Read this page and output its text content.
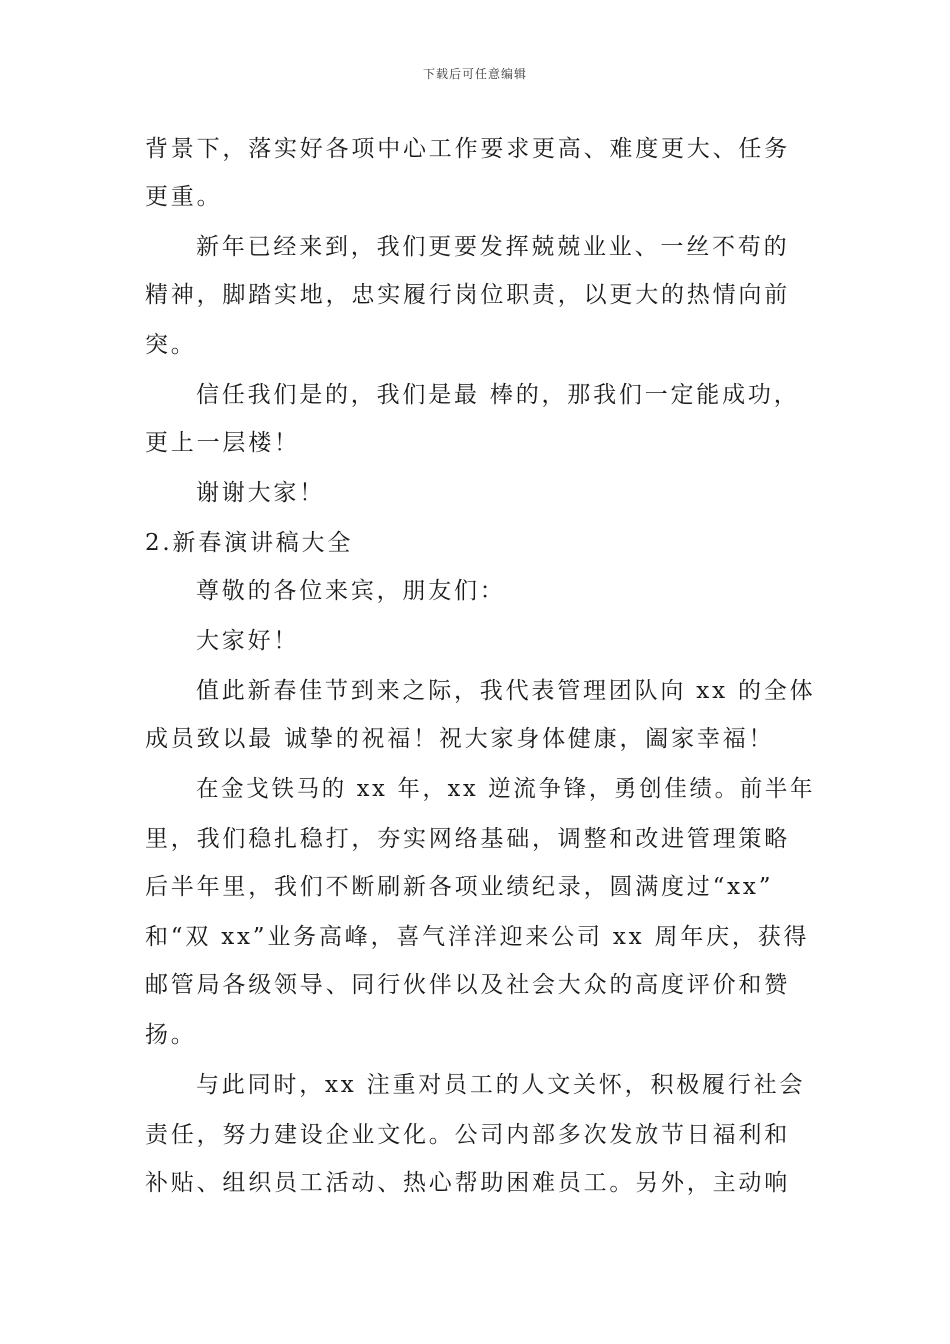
下载后可任意编辑
背景下，落实好各项中心工作要求更高、难度更大、任务
更重。
新年已经来到，我们更要发挥兢兢业业、一丝不苟的
精神，脚踏实地，忠实履行岗位职责，以更大的热情向前
突。
信任我们是的，我们是最 棒的，那我们一定能成功，
更上一层楼！
谢谢大家！
2.新春演讲稿大全
尊敬的各位来宾，朋友们：
大家好！
值此新春佳节到来之际，我代表管理团队向 xx 的全体
成员致以最 诚挚的祝福！祝大家身体健康，阖家幸福！
在金戈铁马的 xx 年，xx 逆流争锋，勇创佳绩。前半年
里，我们稳扎稳打，夯实网络基础，调整和改进管理策略
后半年里，我们不断刷新各项业绩纪录，圆满度过“xx”
和“双 xx”业务高峰，喜气洋洋迎来公司 xx 周年庆，获得
邮管局各级领导、同行伙伴以及社会大众的高度评价和赞
扬。
与此同时，xx 注重对员工的人文关怀，积极履行社会
责任，努力建设企业文化。公司内部多次发放节日福利和
补贴、组织员工活动、热心帮助困难员工。另外，主动响
